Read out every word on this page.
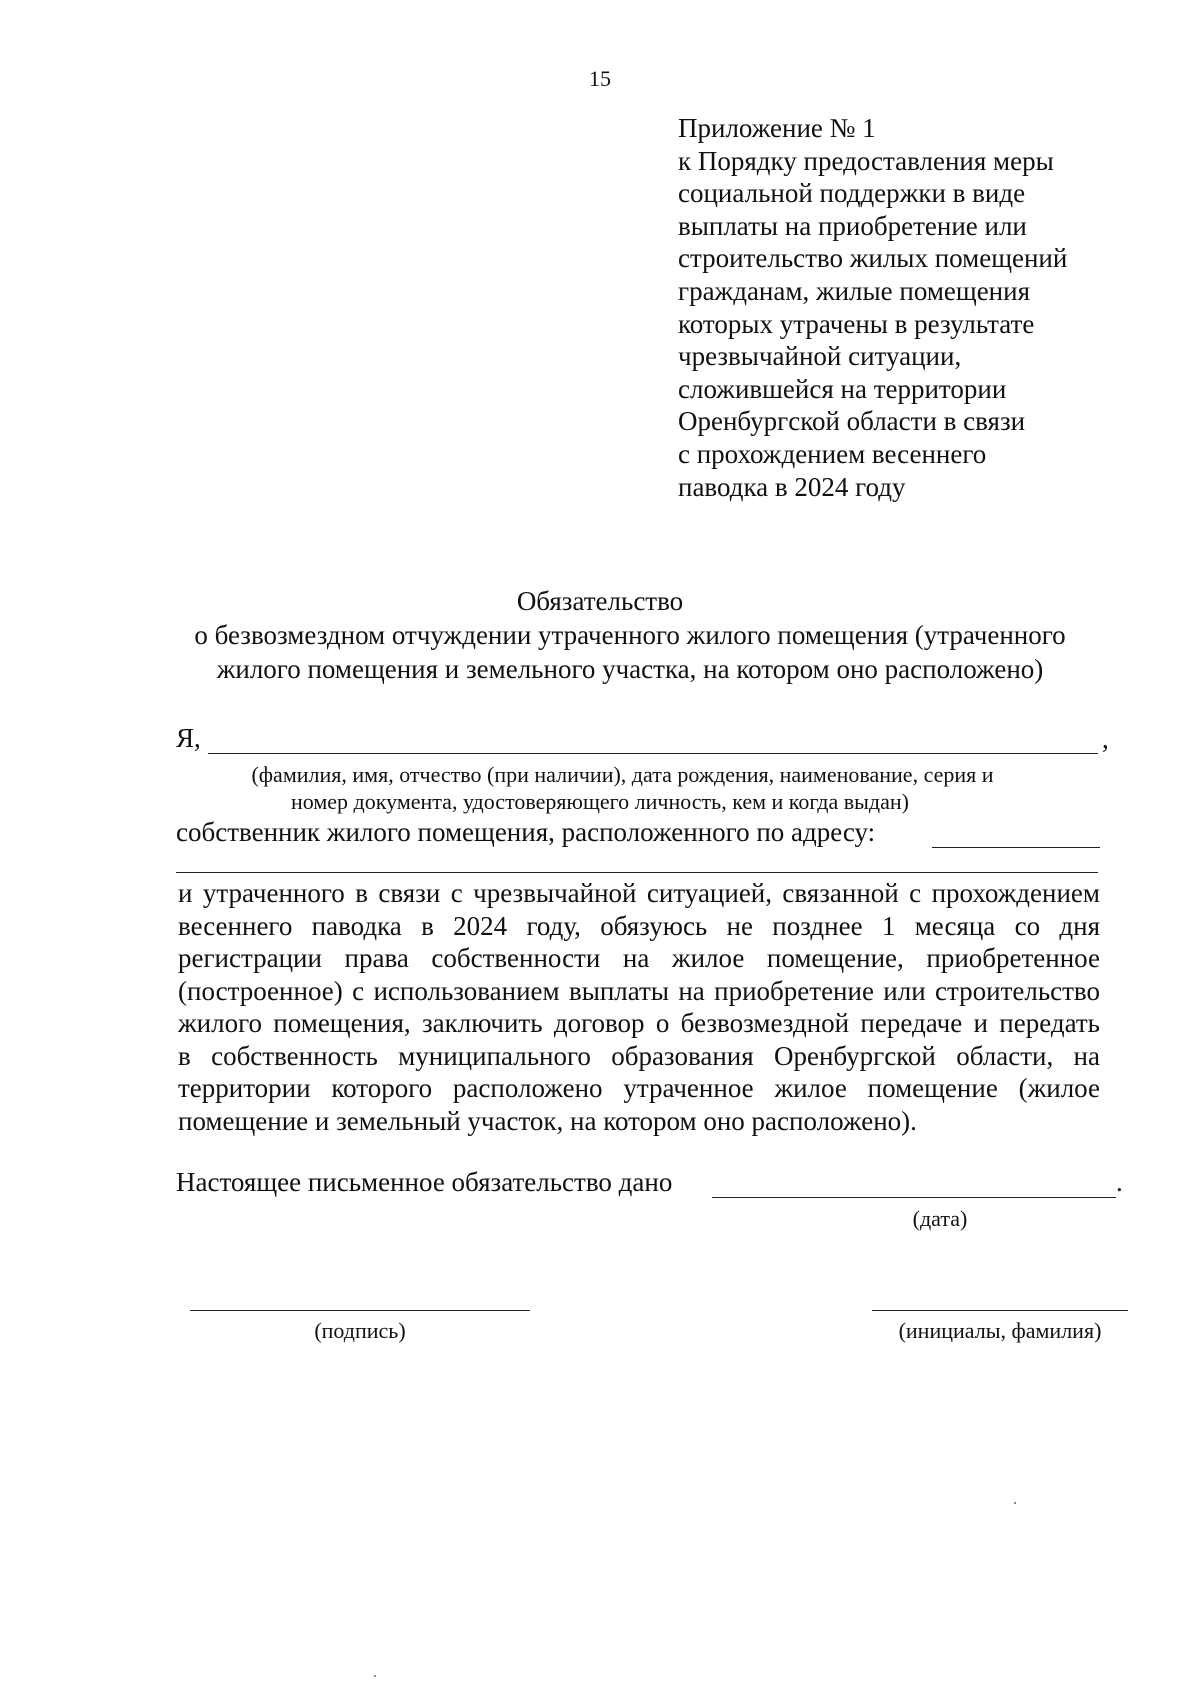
15
Приложение № 1
к Порядку предоставления меры
социальной поддержки в виде
выплаты на приобретение или
строительство жилых помещений
гражданам, жилые помещения
которых утрачены в результате
чрезвычайной ситуации,
сложившейся на территории
Оренбургской области в связи
с прохождением весеннего
паводка в 2024 году
Обязательство
о безвозмездном отчуждении утраченного жилого помещения (утраченного
жилого помещения и земельного участка, на котором оно расположено)
Я,	,
(фамилия, имя, отчество (при наличии), дата рождения, наименование, серия и
номер документа, удостоверяющего личность, кем и когда выдан)
собственник жилого помещения, расположенного по адресу:
и утраченного в связи с чрезвычайной ситуацией, связанной с прохождением
весеннего паводка в 2024 году, обязуюсь не позднее 1 месяца со дня
регистрации права собственности на жилое помещение, приобретенное
(построенное) с использованием выплаты на приобретение или строительство
жилого помещения, заключить договор о безвозмездной передаче и передать
в собственность муниципального образования Оренбургской области, на
территории которого расположено утраченное жилое помещение (жилое
помещение и земельный участок, на котором оно расположено).
Настоящее письменное обязательство дано	.
(дата)
(подпись)	(инициалы, фамилия)
